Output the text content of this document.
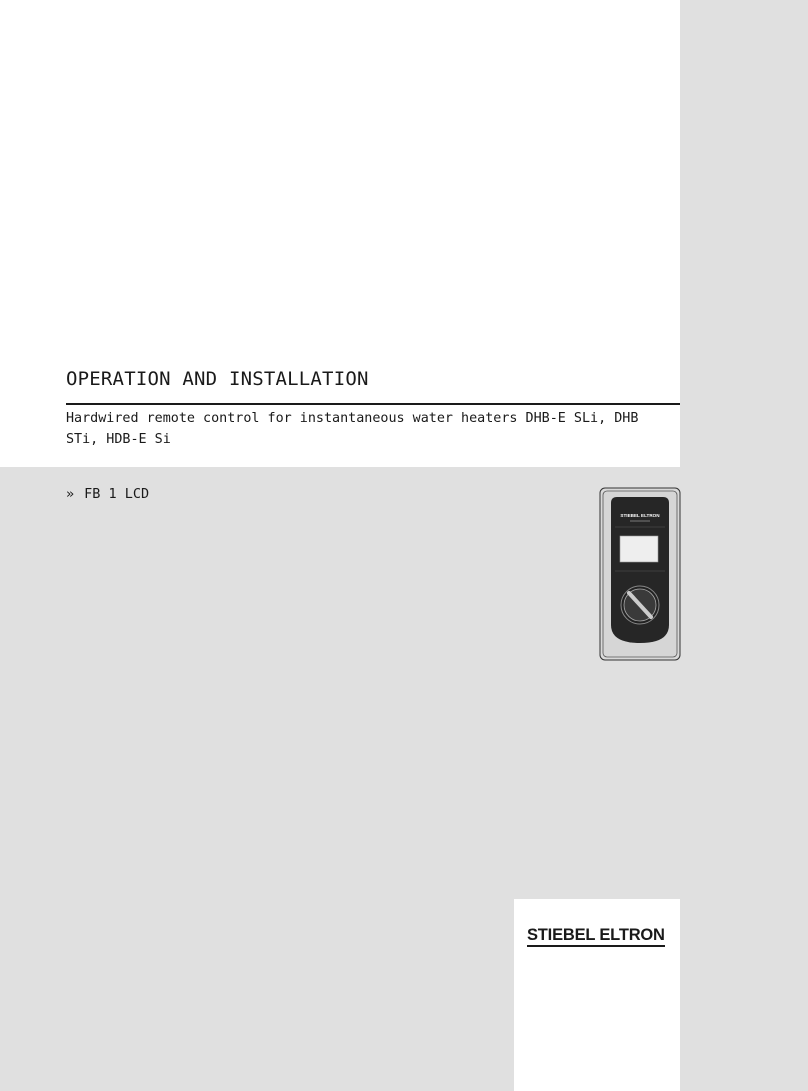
OPERATION AND INSTALLATION

Hardwired remote control for instantaneous water heaters DHB-E SLi, DHB STi, HDB-E Si

» FB 1 LCD
STIEBEL ELTRON
STIEBEL ELTRON
